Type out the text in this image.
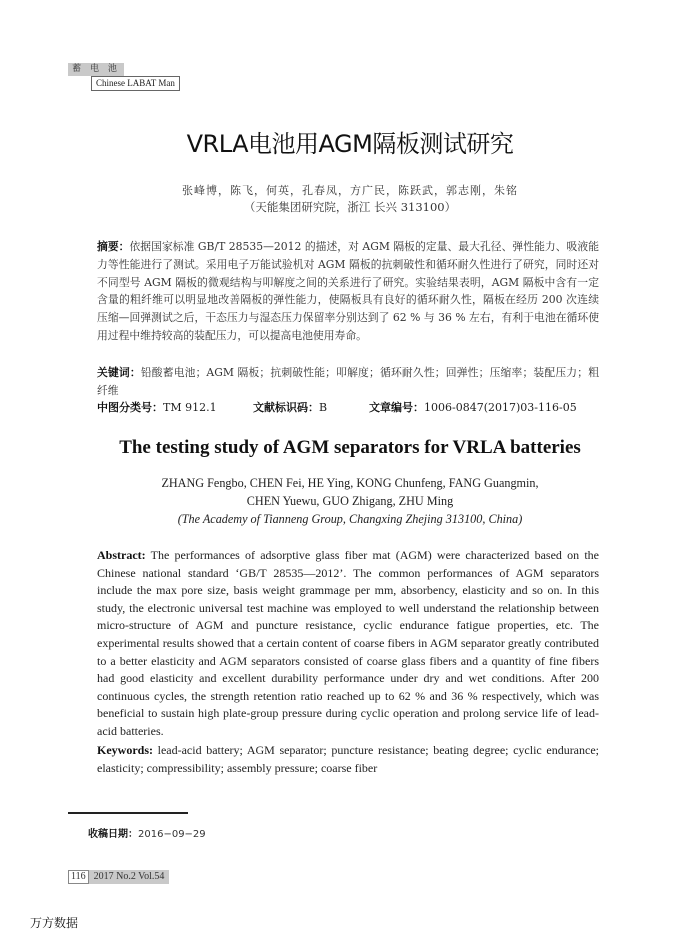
蓄 电 池
Chinese LABAT Man
VRLA电池用AGM隔板测试研究
张峰博，陈飞，何英，孔春凤，方广民，陈跃武，郭志刚，朱铭
（天能集团研究院，浙江 长兴 313100）
摘要：依据国家标准 GB/T 28535—2012 的描述，对 AGM 隔板的定量、最大孔径、弹性能力、吸液能力等性能进行了测试。采用电子万能试验机对 AGM 隔板的抗刺破性和循环耐久性进行了研究，同时还对不同型号 AGM 隔板的微观结构与叩解度之间的关系进行了研究。实验结果表明，AGM 隔板中含有一定含量的粗纤维可以明显地改善隔板的弹性能力，使隔板具有良好的循环耐久性，隔板在经历 200 次连续压缩—回弹测试之后，干态压力与湿态压力保留率分别达到了 62 % 与 36 % 左右，有利于电池在循环使用过程中维持较高的装配压力，可以提高电池使用寿命。
关键词：铅酸蓄电池；AGM 隔板；抗刺破性能；叩解度；循环耐久性；回弹性；压缩率；装配压力；粗纤维
中图分类号：TM 912.1	文献标识码：B	文章编号：1006-0847(2017)03-116-05
The testing study of AGM separators for VRLA batteries
ZHANG Fengbo, CHEN Fei, HE Ying, KONG Chunfeng, FANG Guangmin,
CHEN Yuewu, GUO Zhigang, ZHU Ming
(The Academy of Tianneng Group, Changxing Zhejing 313100, China)
Abstract: The performances of adsorptive glass fiber mat (AGM) were characterized based on the Chinese national standard ‘GB/T 28535—2012’. The common performances of AGM separators include the max pore size, basis weight grammage per mm, absorbency, elasticity and so on. In this study, the electronic universal test machine was employed to well understand the relationship between micro-structure of AGM and puncture resistance, cyclic endurance fatigue properties, etc. The experimental results showed that a certain content of coarse fibers in AGM separator greatly contributed to a better elasticity and AGM separators consisted of coarse glass fibers and a quantity of fine fibers had good elasticity and excellent durability performance under dry and wet conditions. After 200 continuous cycles, the strength retention ratio reached up to 62 % and 36 % respectively, which was beneficial to sustain high plate-group pressure during cyclic operation and prolong service life of lead-acid batteries.
Keywords: lead-acid battery; AGM separator; puncture resistance; beating degree; cyclic endurance; elasticity; compressibility; assembly pressure; coarse fiber
收稿日期：2016−09−29
116 2017 No.2 Vol.54
万方数据
